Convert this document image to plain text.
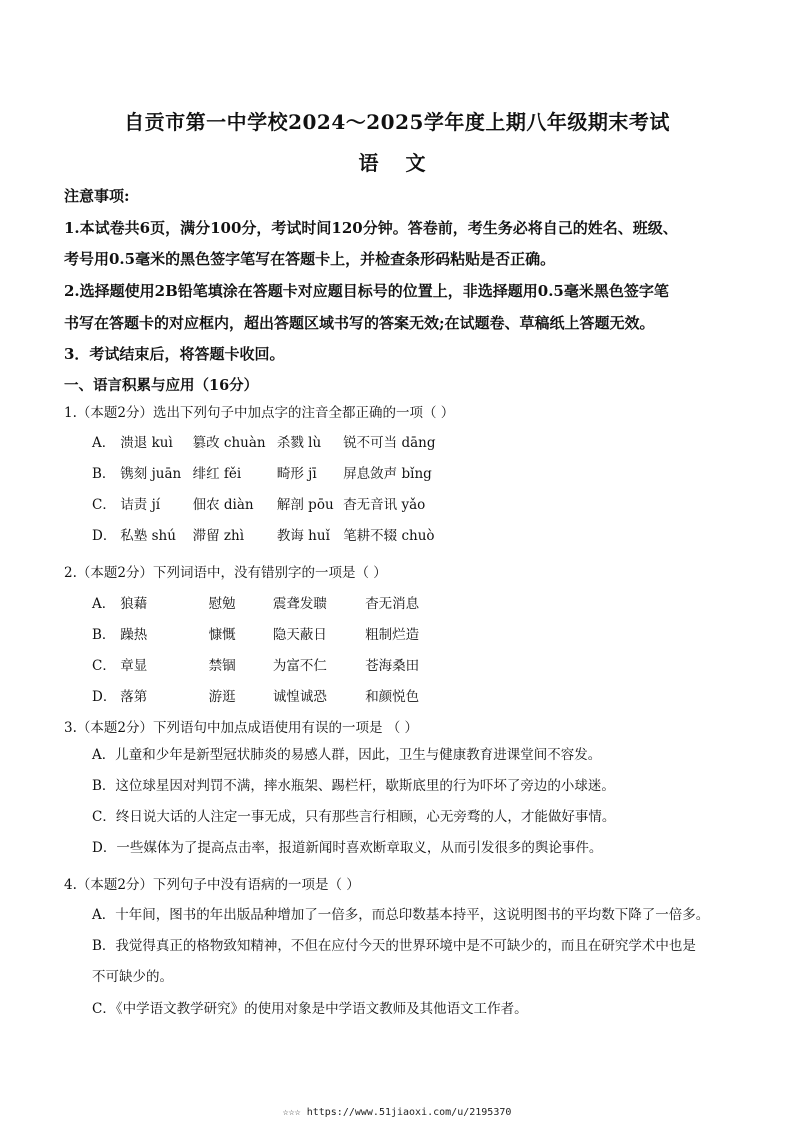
自贡市第一中学校2024～2025学年度上期八年级期末考试
语 文
注意事项:
1.本试卷共6页，满分100分，考试时间120分钟。答卷前，考生务必将自己的姓名、班级、
考号用0.5毫米的黑色签字笔写在答题卡上，并检查条形码粘贴是否正确。
2.选择题使用2B铅笔填涂在答题卡对应题目标号的位置上，非选择题用0.5毫米黑色签字笔
书写在答题卡的对应框内，超出答题区域书写的答案无效;在试题卷、草稿纸上答题无效。
3．考试结束后，将答题卡收回。
一、语言积累与应用（16分）
1.（本题2分）选出下列句子中加点字的注音全都正确的一项（ ）
A． 溃退 kuì 篡改 chuàn 杀戮 lù 锐不可当 dāng
B． 镌刻 juān 绯红 fěi	畸形 jī 屏息敛声 bǐng
C． 诘责 jí 佃农 diàn 解剖 pōu 杳无音讯 yǎo
D． 私塾 shú 滞留 zhì 教诲 huǐ 笔耕不辍 chuò
2.（本题2分）下列词语中，没有错别字的一项是（ ）
A． 狼藉	慰勉	震聋发聩	杳无消息
B． 躁热	慷慨	隐天蔽日	粗制烂造
C． 章显	禁锢	为富不仁	苍海桑田
D． 落第	游逛	诚惶诚恐	和颜悦色
3.（本题2分）下列语句中加点成语使用有误的一项是 （ ）
A．儿童和少年是新型冠状肺炎的易感人群，因此，卫生与健康教育进课堂间不容发。
B．这位球星因对判罚不满，摔水瓶架、踢栏杆，歇斯底里的行为吓坏了旁边的小球迷。
C．终日说大话的人注定一事无成，只有那些言行相顾，心无旁骛的人，才能做好事情。
D．一些媒体为了提高点击率，报道新闻时喜欢断章取义，从而引发很多的舆论事件。
4.（本题2分）下列句子中没有语病的一项是（ ）
A．十年间，图书的年出版品种增加了一倍多，而总印数基本持平，这说明图书的平均数下降了一倍多。
B．我觉得真正的格物致知精神，不但在应付今天的世界环境中是不可缺少的，而且在研究学术中也是
不可缺少的。
C．《中学语文教学研究》的使用对象是中学语文教师及其他语文工作者。
☆☆☆ https://www.51jiaoxi.com/u/2195370
